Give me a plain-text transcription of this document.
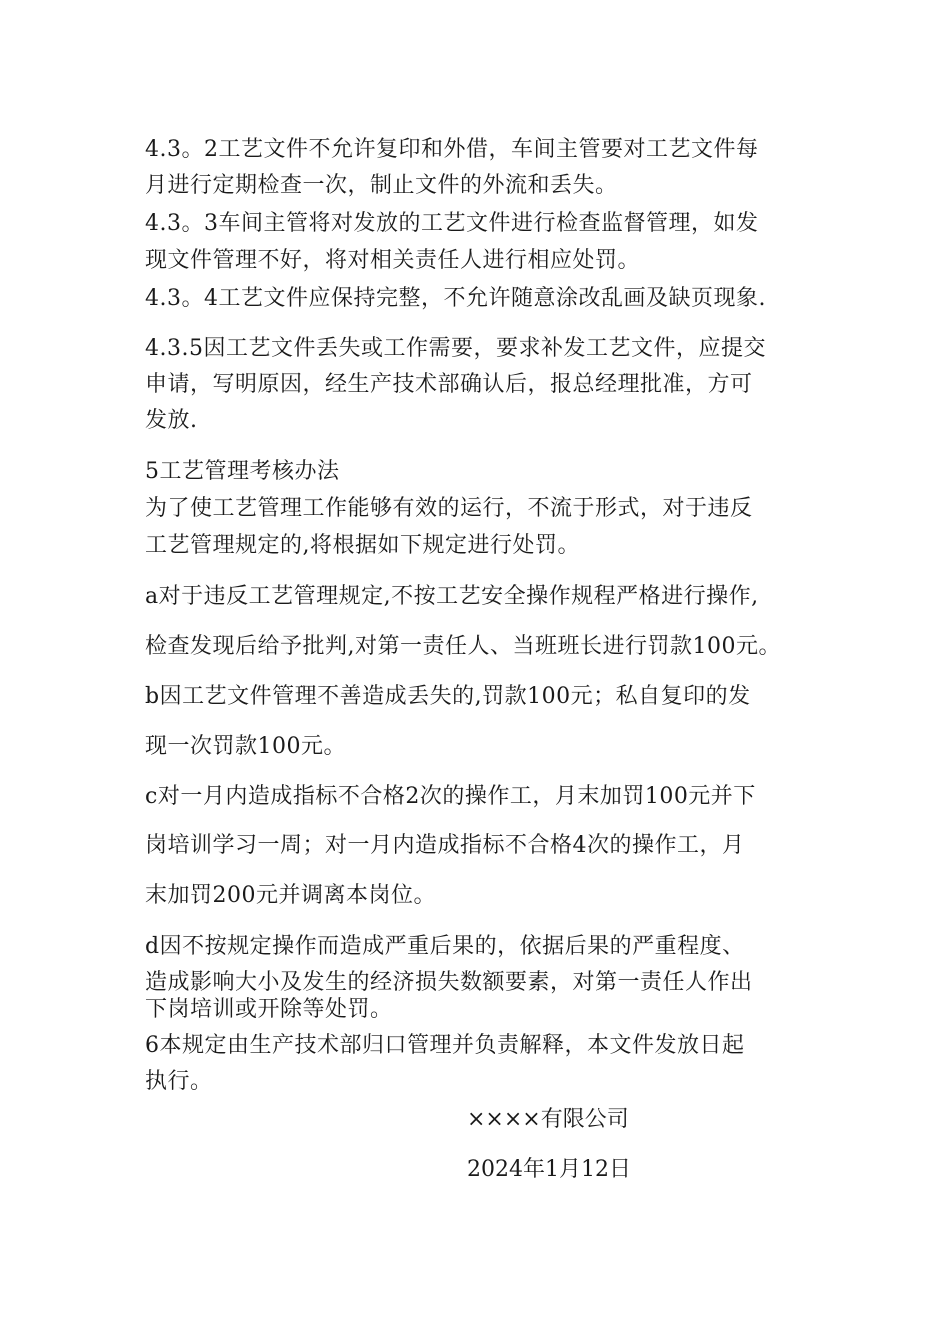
4.3。2工艺文件不允许复印和外借，车间主管要对工艺文件每
月进行定期检查一次，制止文件的外流和丢失。
4.3。3车间主管将对发放的工艺文件进行检查监督管理，如发
现文件管理不好，将对相关责任人进行相应处罚。
4.3。4工艺文件应保持完整，不允许随意涂改乱画及缺页现象.
4.3.5因工艺文件丢失或工作需要，要求补发工艺文件，应提交
申请，写明原因，经生产技术部确认后，报总经理批准，方可
发放.
5工艺管理考核办法
为了使工艺管理工作能够有效的运行，不流于形式，对于违反
工艺管理规定的,将根据如下规定进行处罚。
a对于违反工艺管理规定,不按工艺安全操作规程严格进行操作,
检查发现后给予批判,对第一责任人、当班班长进行罚款100元。
b因工艺文件管理不善造成丢失的,罚款100元；私自复印的发
现一次罚款100元。
c对一月内造成指标不合格2次的操作工，月末加罚100元并下
岗培训学习一周；对一月内造成指标不合格4次的操作工，月
末加罚200元并调离本岗位。
d因不按规定操作而造成严重后果的，依据后果的严重程度、
造成影响大小及发生的经济损失数额要素，对第一责任人作出
下岗培训或开除等处罚。
6本规定由生产技术部归口管理并负责解释，本文件发放日起
执行。
××××有限公司
2024年1月12日
